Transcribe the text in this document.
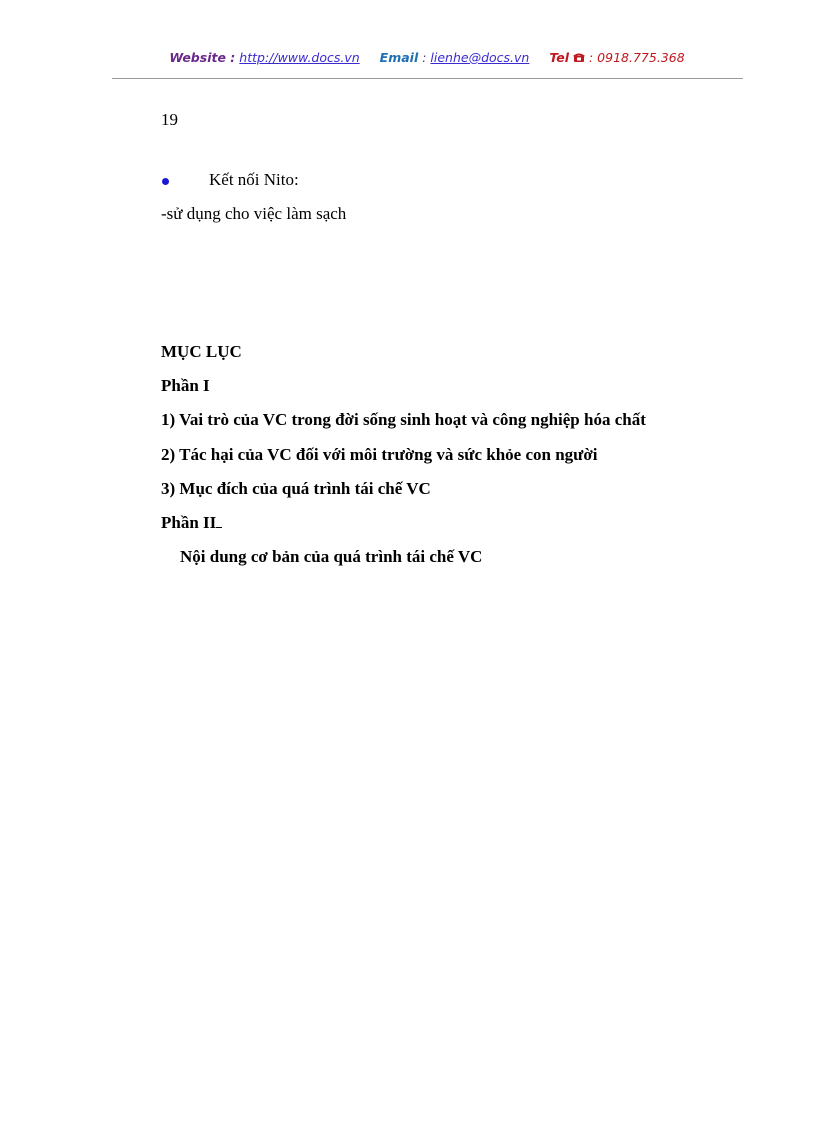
Website : http://www.docs.vn Email : lienhe@docs.vn Tel : 0918.775.368
19
Kết nối Nito:
-sử dụng cho việc làm sạch
MỤC LỤC
Phần I
1) Vai trò của VC trong đời sống sinh hoạt và công nghiệp hóa chất
2) Tác hại của VC đối với môi trường và sức khỏe con người
3) Mục đích của quá trình tái chế VC
Phần II
Nội dung cơ bản của quá trình tái chế VC
